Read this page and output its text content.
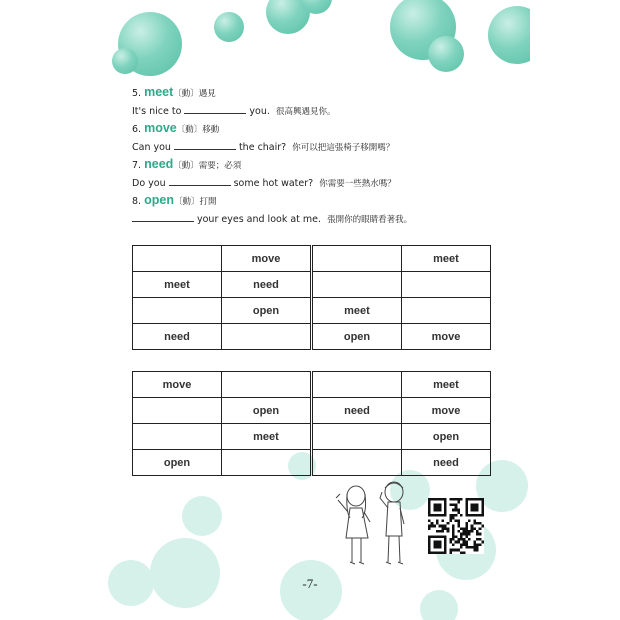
5. meet〔動〕遇見
It's nice to	you. 很高興遇見你。
6. move〔動〕移動
Can you	the chair? 你可以把這張椅子移開嗎？
7. need〔動〕需要；必須
Do you	some hot water? 你需要一些熱水嗎？
8. open〔動〕打開
your eyes and look at me. 張開你的眼睛看著我。
	move		meet
meet	need		
	open	meet	
need		open	move
move			meet
	open	need	move
	meet		open
open			need
-7-
